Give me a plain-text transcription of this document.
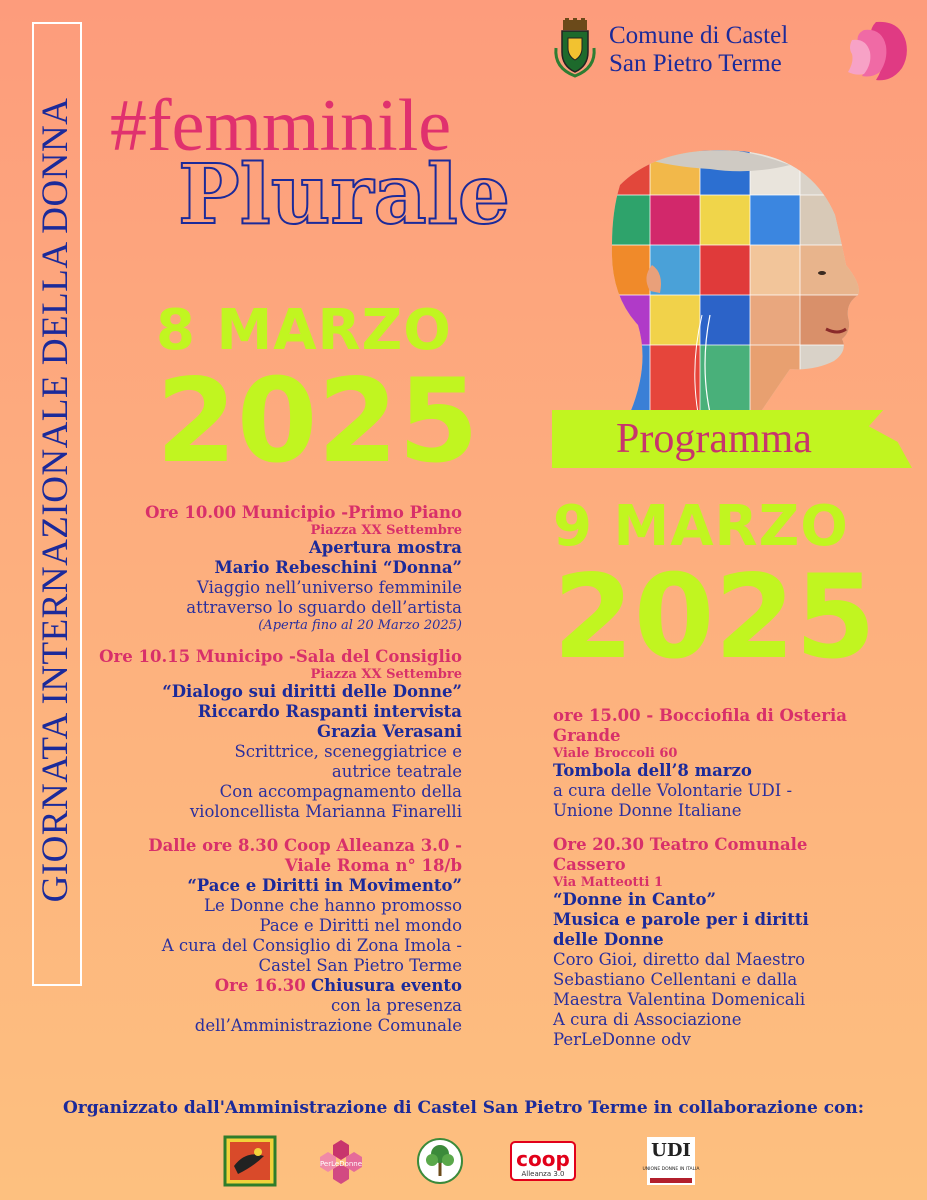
GIORNATA INTERNAZIONALE DELLA DONNA
Comune di Castel
San Pietro Terme
#femminile
Plurale
8 MARZO
2025	Programma
9 MARZO
2025
Ore 10.00 Municipio -Primo Piano
Piazza XX Settembre
Apertura mostra
Mario Rebeschini “Donna”
Viaggio nell’universo femminile
attraverso lo sguardo dell’artista
(Aperta fino al 20 Marzo 2025)
Ore 10.15 Municipo -Sala del Consiglio
Piazza XX Settembre
“Dialogo sui diritti delle Donne”
Riccardo Raspanti intervista
Grazia Verasani
Scrittrice, sceneggiatrice e
autrice teatrale
Con accompagnamento della
violoncellista Marianna Finarelli
Dalle ore 8.30 Coop Alleanza 3.0 -
Viale Roma n° 18/b
“Pace e Diritti in Movimento”
Le Donne che hanno promosso
Pace e Diritti nel mondo
A cura del Consiglio di Zona Imola -
Castel San Pietro Terme
Ore 16.30 Chiusura evento
con la presenza
dell’Amministrazione Comunale
ore 15.00 - Bocciofila di Osteria
Grande
Viale Broccoli 60
Tombola dell’8 marzo
a cura delle Volontarie UDI -
Unione Donne Italiane
Ore 20.30 Teatro Comunale
Cassero
Via Matteotti 1
“Donne in Canto”
Musica e parole per i diritti
delle Donne
Coro Gioi, diretto dal Maestro
Sebastiano Cellentani e dalla
Maestra Valentina Domenicali
A cura di Associazione
PerLeDonne odv
Organizzato dall'Amministrazione di Castel San Pietro Terme in collaborazione con:
PerLeDonne	coop
Alleanza 3.0
UDI
UNIONE DONNE IN ITALIA
